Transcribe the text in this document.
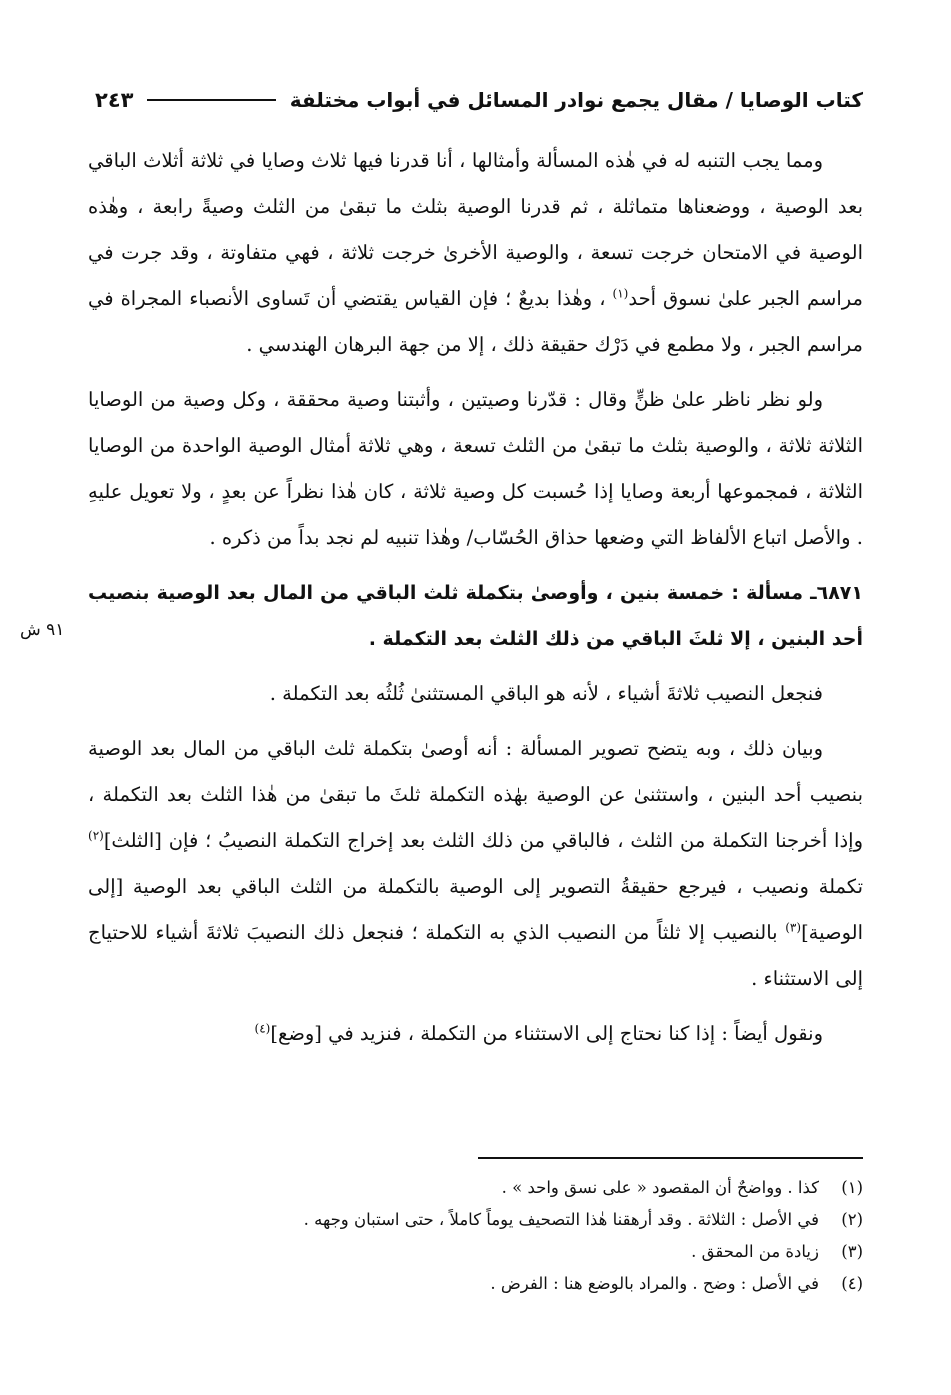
كتاب الوصايا / مقال يجمع نوادر المسائل في أبواب مختلفة
٢٤٣
٩١ ش

ومما يجب التنبه له في هٰذه المسألة وأمثالها ، أنا قدرنا فيها ثلاث وصايا في ثلاثة أثلاث الباقي بعد الوصية ، ووضعناها متماثلة ، ثم قدرنا الوصية بثلث ما تبقىٰ من الثلث وصيةً رابعة ، وهٰذه الوصية في الامتحان خرجت تسعة ، والوصية الأخرىٰ خرجت ثلاثة ، فهي متفاوتة ، وقد جرت في مراسم الجبر علىٰ نسوق أحد$^{(١)}$ ، وهٰذا بديعٌ ؛ فإن القياس يقتضي أن تَساوى الأنصباء المجراة في مراسم الجبر ، ولا مطمع في دَرْك حقيقة ذلك ، إلا من جهة البرهان الهندسي .

ولو نظر ناظر علىٰ ظنٍّ وقال : قدّرنا وصيتين ، وأثبتنا وصية محققة ، وكل وصية من الوصايا الثلاثة ثلاثة ، والوصية بثلث ما تبقىٰ من الثلث تسعة ، وهي ثلاثة أمثال الوصية الواحدة من الوصايا الثلاثة ، فمجموعها أربعة وصايا إذا حُسبت كل وصية ثلاثة ، كان هٰذا نظراً عن بعدٍ ، ولا تعويل عليهِ . والأصل اتباع الألفاظ التي وضعها حذاق الحُسّاب/ وهٰذا تنبيه لم نجد بداً من ذكره .

٦٨٧١ـ مسألة : خمسة بنين ، وأوصىٰ بتكملة ثلث الباقي من المال بعد الوصية بنصيب أحد البنين ، إلا ثلثَ الباقي من ذلك الثلث بعد التكملة .

فنجعل النصيب ثلاثةَ أشياء ، لأنه هو الباقي المستثنىٰ ثُلثُه بعد التكملة .

وبيان ذلك ، وبه يتضح تصوير المسألة : أنه أوصىٰ بتكملة ثلث الباقي من المال بعد الوصية بنصيب أحد البنين ، واستثنىٰ عن الوصية بهٰذه التكملة ثلثَ ما تبقىٰ من هٰذا الثلث بعد التكملة ، وإذا أخرجنا التكملة من الثلث ، فالباقي من ذلك الثلث بعد إخراج التكملة النصيبُ ؛ فإن [الثلث]$^{(٢)}$ تكملة ونصيب ، فيرجع حقيقةُ التصوير إلى الوصية بالتكملة من الثلث الباقي بعد الوصية [إلى الوصية]$^{(٣)}$ بالنصيب إلا ثلثاً من النصيب الذي به التكملة ؛ فنجعل ذلك النصيبَ ثلاثةَ أشياء للاحتياج إلى الاستثناء .

ونقول أيضاً : إذا كنا نحتاج إلى الاستثناء من التكملة ، فنزيد في [وضع]$^{(٤)}$

(١)
كذا . وواضحٌ أن المقصود « على نسق واحد » .
(٢)
في الأصل : الثلاثة . وقد أرهقنا هٰذا التصحيف يوماً كاملاً ، حتى استبان وجهه .
(٣)
زيادة من المحقق .
(٤)
في الأصل : وضح . والمراد بالوضع هنا : الفرض .
